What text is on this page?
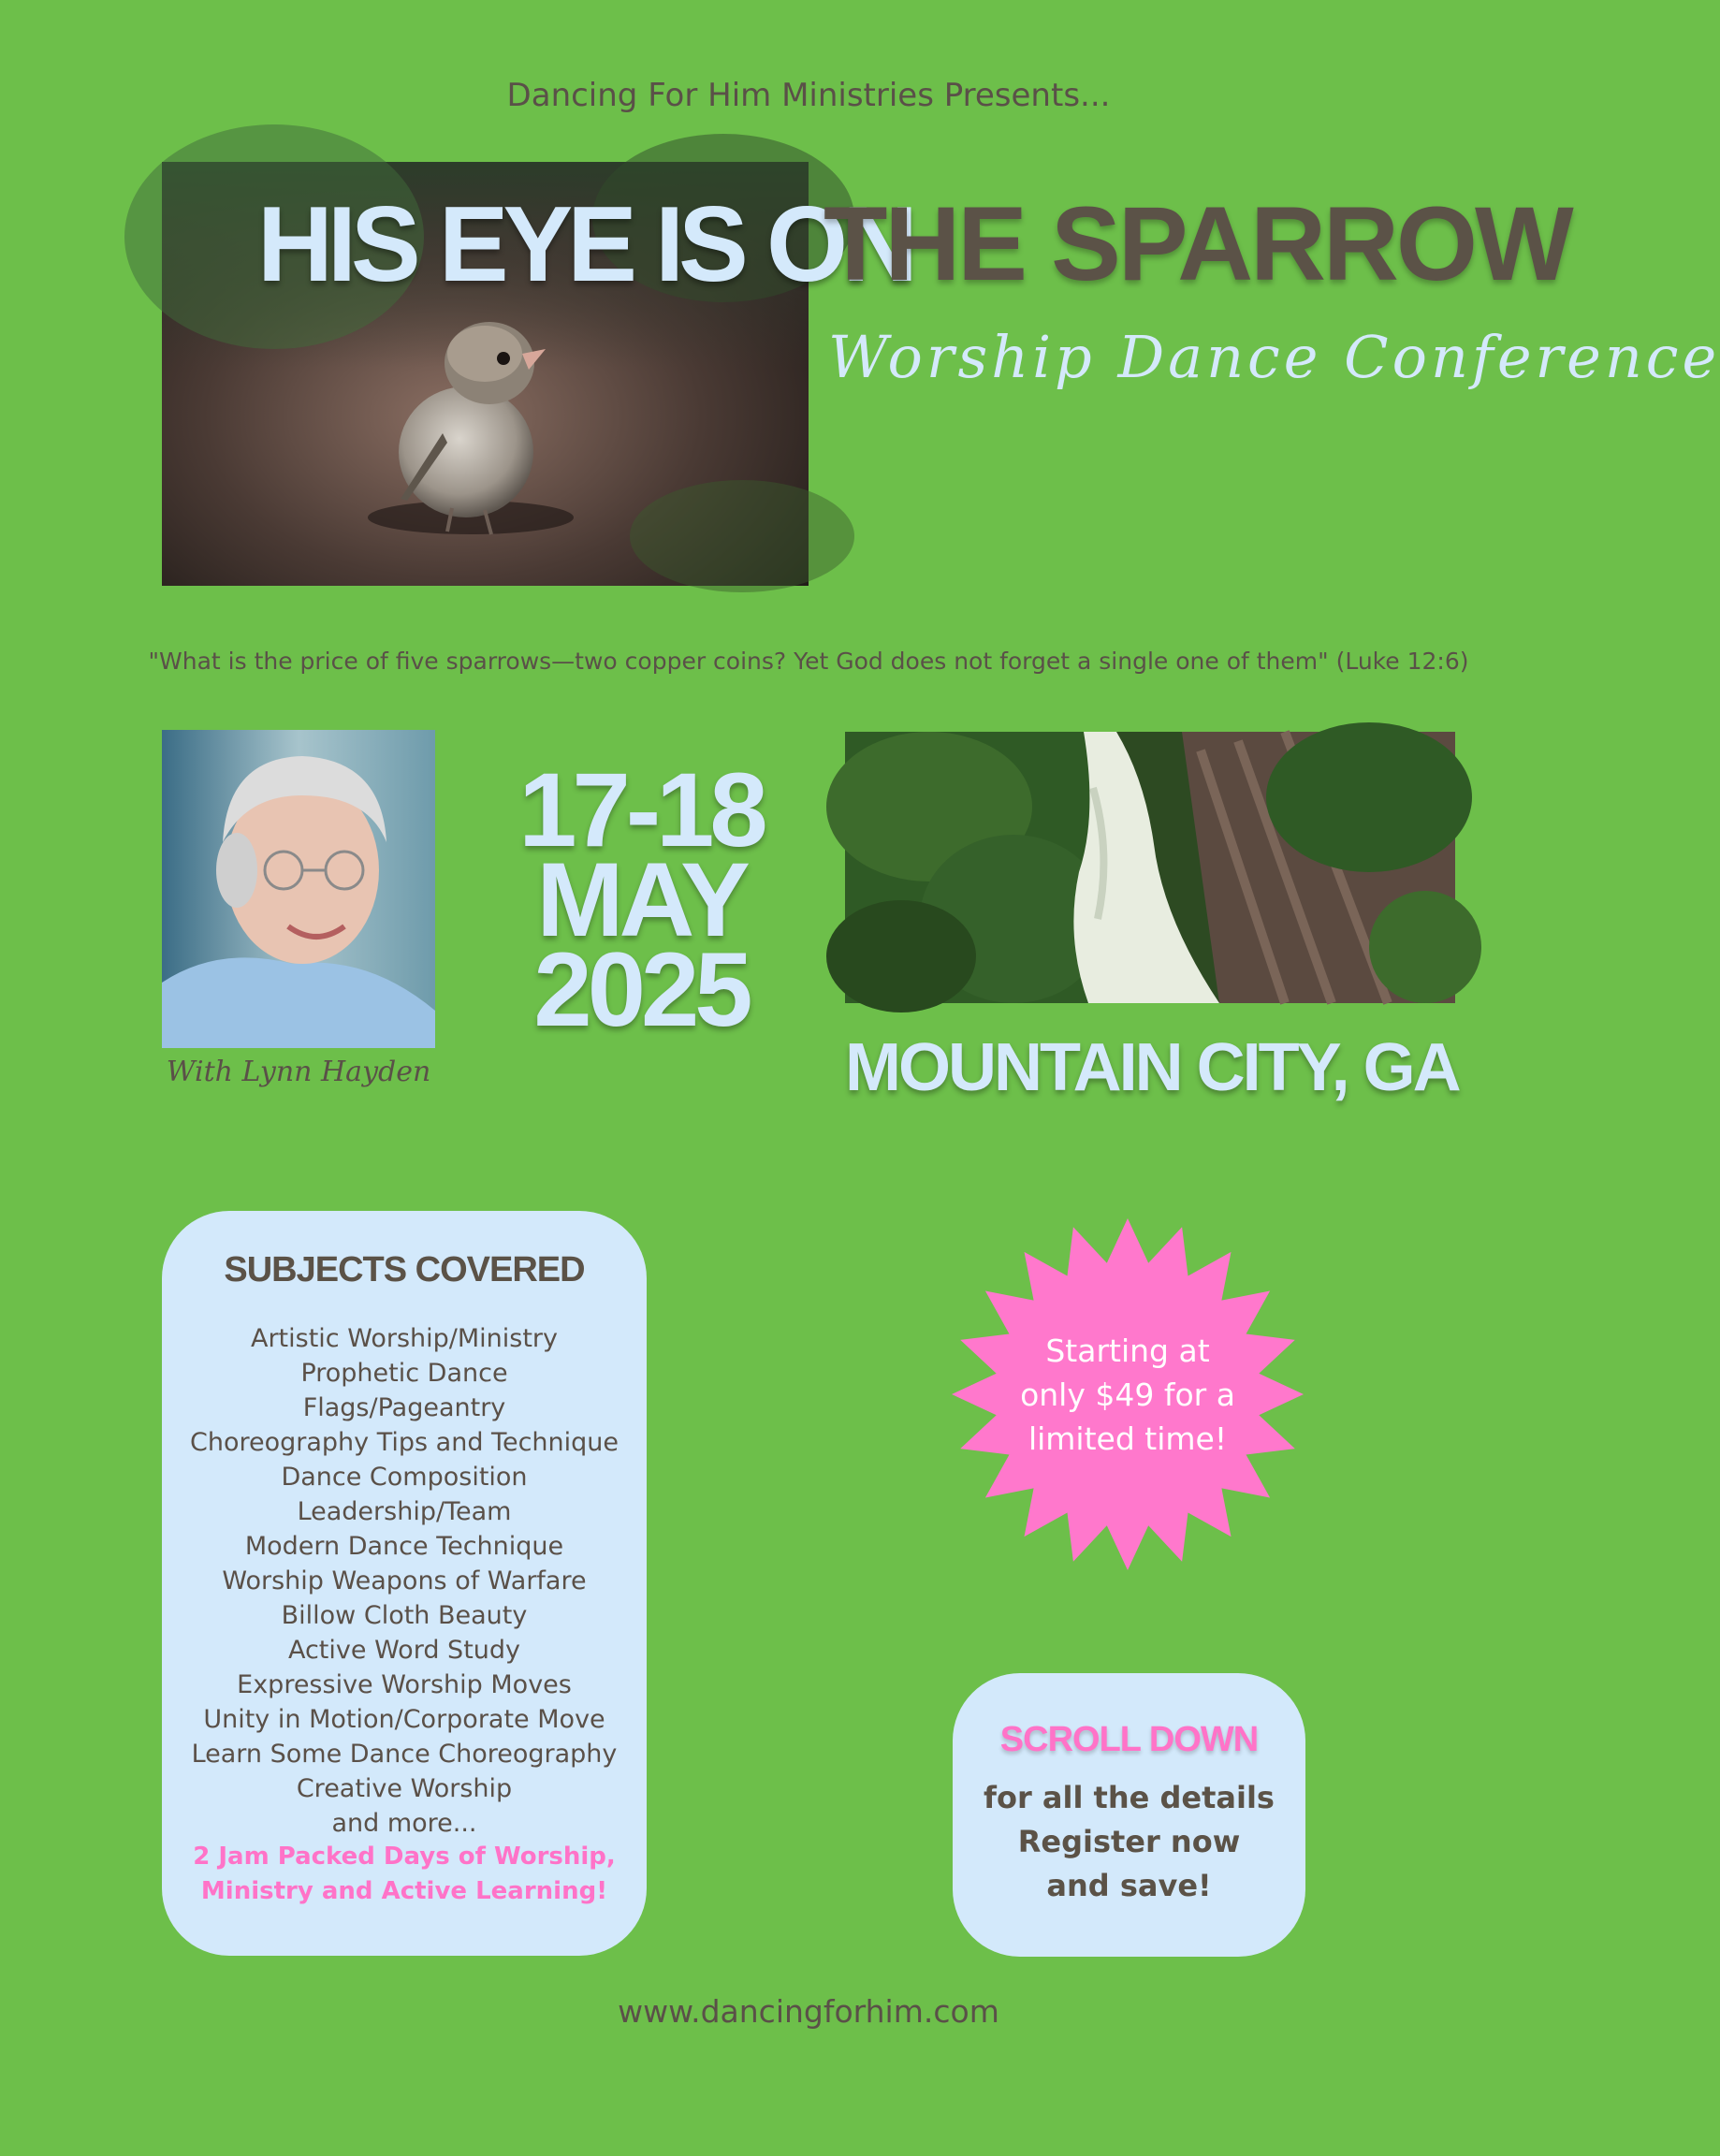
Dancing For Him Ministries Presents...
HIS EYE IS ON
THE SPARROW
Worship Dance Conference
"What is the price of five sparrows—two copper coins? Yet God does not forget a single one of them" (Luke 12:6)
With Lynn Hayden
17-18
MAY
2025
MOUNTAIN CITY, GA
SUBJECTS COVERED
Artistic Worship/Ministry
Prophetic Dance
Flags/Pageantry
Choreography Tips and Technique
Dance Composition
Leadership/Team
Modern Dance Technique
Worship Weapons of Warfare
Billow Cloth Beauty
Active Word Study
Expressive Worship Moves
Unity in Motion/Corporate Move
Learn Some Dance Choreography
Creative Worship
and more...
2 Jam Packed Days of Worship,
Ministry and Active Learning!
Starting at
only $49 for a
limited time!
SCROLL DOWN
for all the details
Register now
and save!
www.dancingforhim.com
